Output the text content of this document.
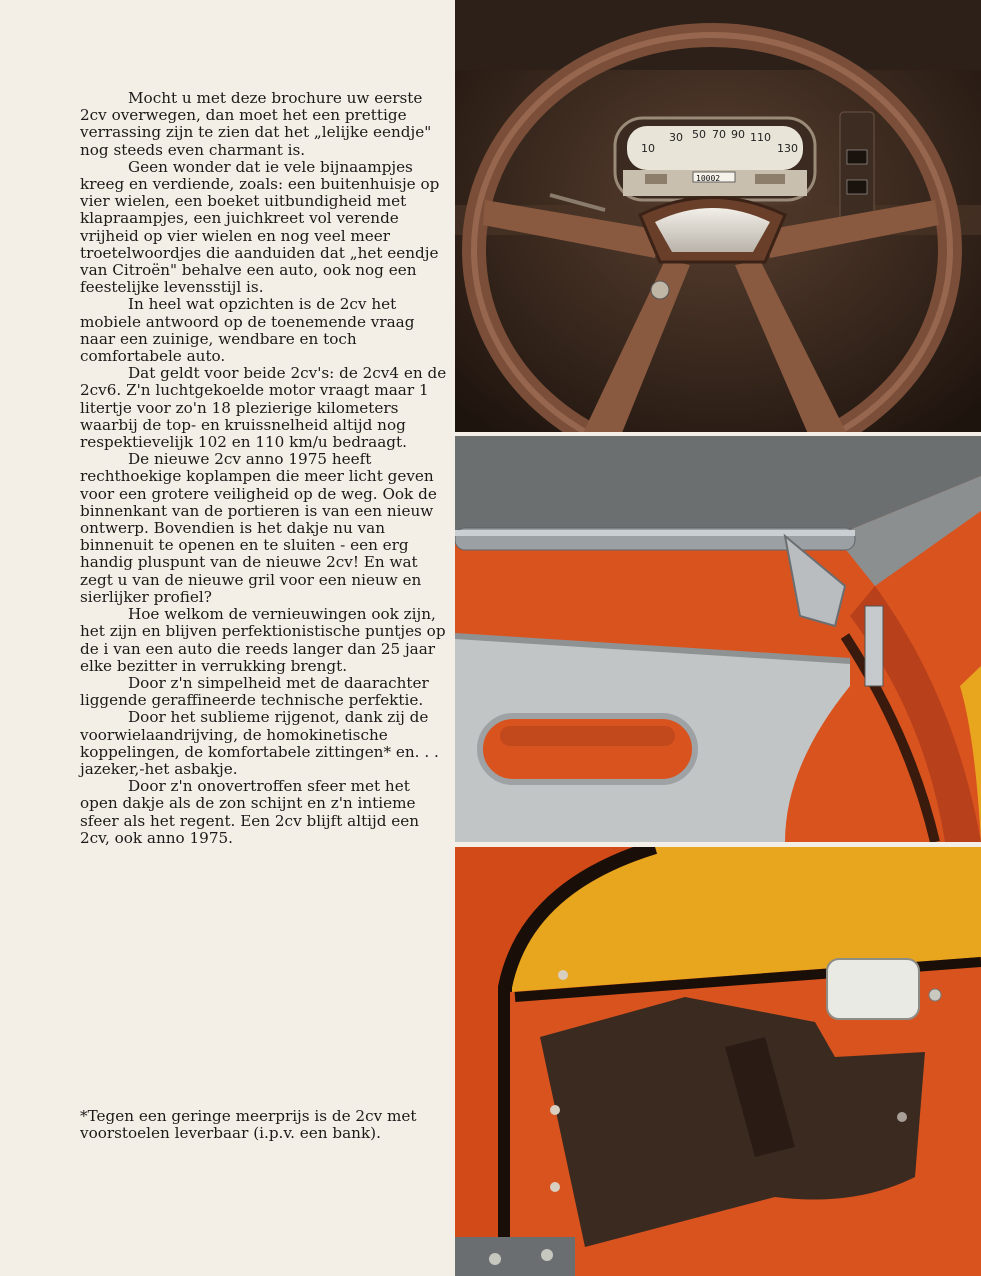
Mocht u met deze brochure uw eerste 2cv overwegen, dan moet het een prettige verrassing zijn te zien dat het „lelijke eendje" nog steeds even charmant is.

Geen wonder dat ie vele bijnaampjes kreeg en verdiende, zoals: een buitenhuisje op vier wielen, een boeket uitbundigheid met klapraampjes, een juichkreet vol verende vrijheid op vier wielen en nog veel meer troetelwoordjes die aanduiden dat „het eendje van Citroën" behalve een auto, ook nog een feestelijke levensstijl is.

In heel wat opzichten is de 2cv het mobiele antwoord op de toenemende vraag naar een zuinige, wendbare en toch comfortabele auto.

Dat geldt voor beide 2cv's: de 2cv4 en de 2cv6. Z'n luchtgekoelde motor vraagt maar 1 litertje voor zo'n 18 plezierige kilometers waarbij de top- en kruissnelheid altijd nog respektievelijk 102 en 110 km/u bedraagt.

De nieuwe 2cv anno 1975 heeft rechthoekige koplampen die meer licht geven voor een grotere veiligheid op de weg. Ook de binnenkant van de portieren is van een nieuw ontwerp. Bovendien is het dakje nu van binnenuit te openen en te sluiten - een erg handig pluspunt van de nieuwe 2cv! En wat zegt u van de nieuwe gril voor een nieuw en sierlijker profiel?

Hoe welkom de vernieuwingen ook zijn, het zijn en blijven perfektionistische puntjes op de i van een auto die reeds langer dan 25 jaar elke bezitter in verrukking brengt.

Door z'n simpelheid met de daarachter liggende geraffineerde technische perfektie.

Door het sublieme rijgenot, dank zij de voorwielaandrijving, de homokinetische koppelingen, de komfortabele zittingen* en. . . jazeker,-het asbakje.

Door z'n onovertroffen sfeer met het open dakje als de zon schijnt en z'n intieme sfeer als het regent. Een 2cv blijft altijd een 2cv, ook anno 1975.

*Tegen een geringe meerprijs is de 2cv met voorstoelen leverbaar (i.p.v. een bank).
10
30 50 70 90 110
130
10002
